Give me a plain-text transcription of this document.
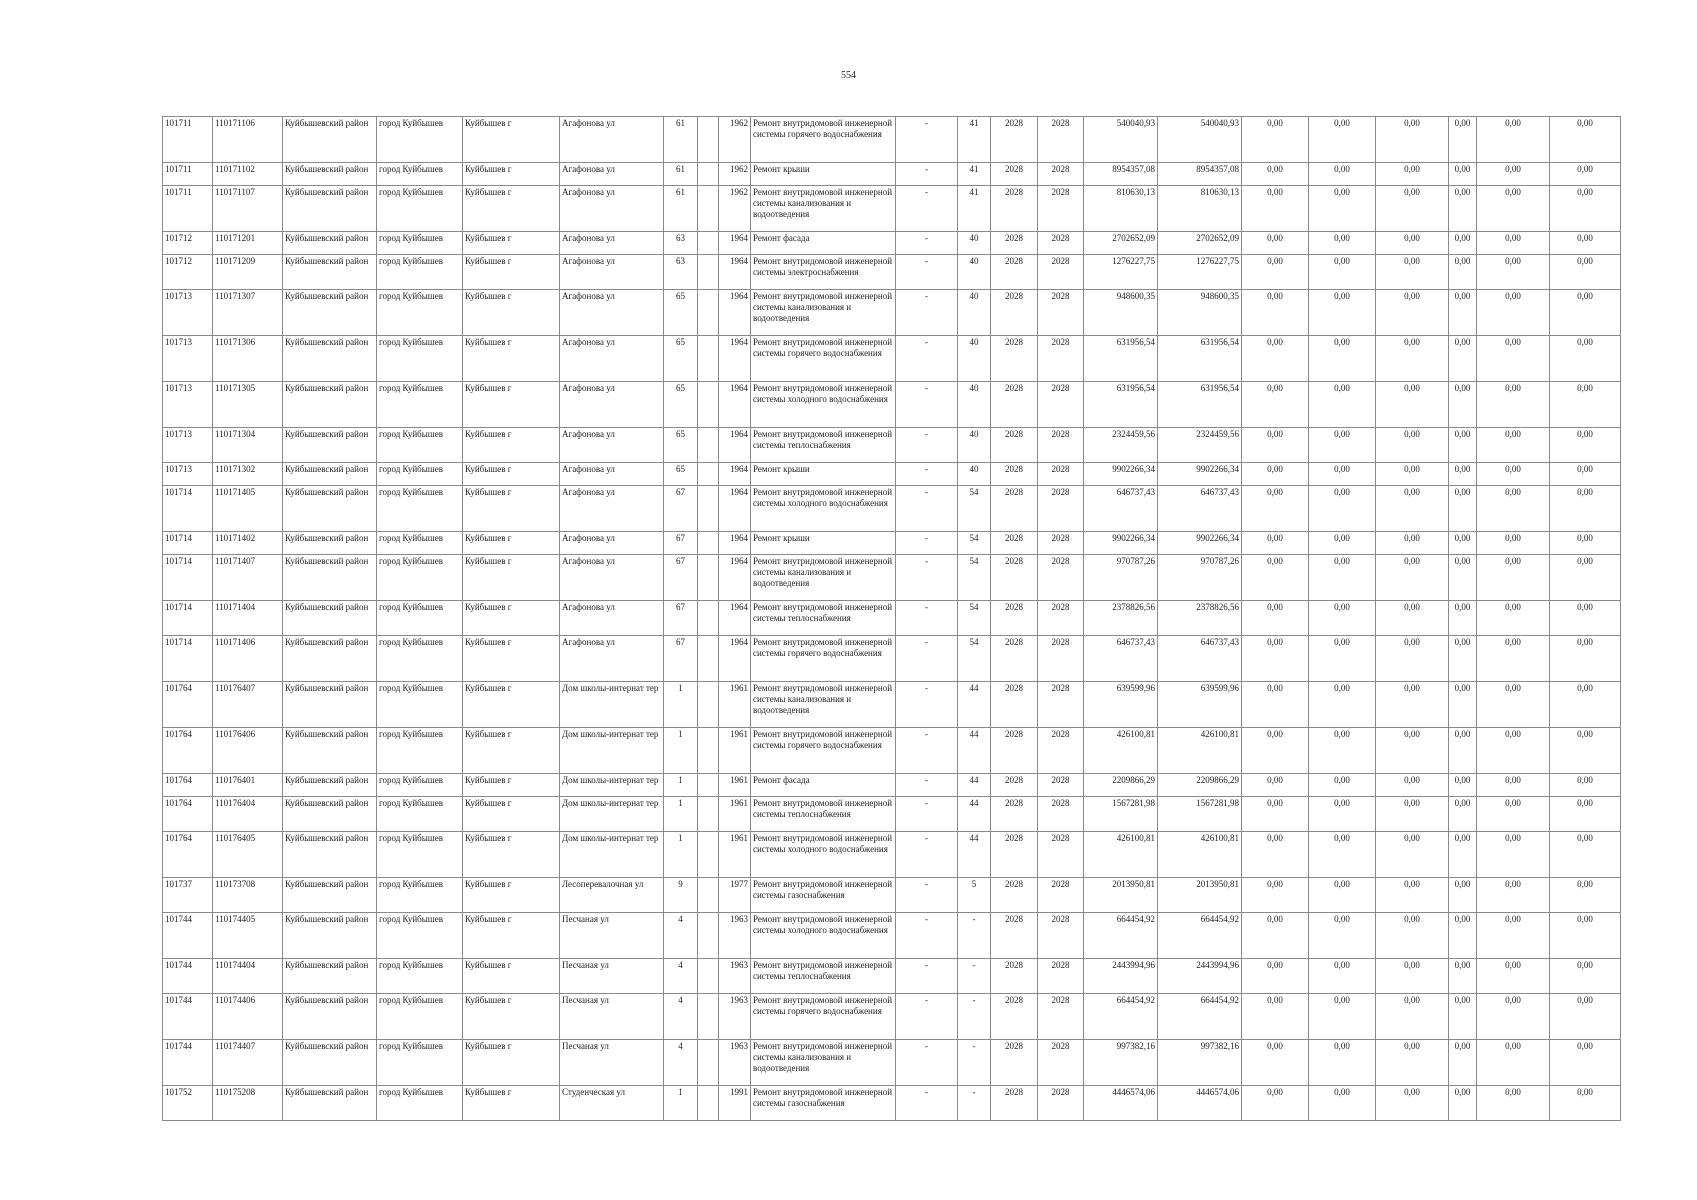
554
101711	110171106	Куйбышевский район	город Куйбышев	Куйбышев г	Агафонова ул	61		1962	Ремонт внутридомовой инженерной системы горячего водоснабжения	-	41	2028	2028	540040,93	540040,93	0,00	0,00	0,00	0,00	0,00	0,00
101711	110171102	Куйбышевский район	город Куйбышев	Куйбышев г	Агафонова ул	61		1962	Ремонт крыши	-	41	2028	2028	8954357,08	8954357,08	0,00	0,00	0,00	0,00	0,00	0,00
101711	110171107	Куйбышевский район	город Куйбышев	Куйбышев г	Агафонова ул	61		1962	Ремонт внутридомовой инженерной системы канализования и водоотведения	-	41	2028	2028	810630,13	810630,13	0,00	0,00	0,00	0,00	0,00	0,00
101712	110171201	Куйбышевский район	город Куйбышев	Куйбышев г	Агафонова ул	63		1964	Ремонт фасада	-	40	2028	2028	2702652,09	2702652,09	0,00	0,00	0,00	0,00	0,00	0,00
101712	110171209	Куйбышевский район	город Куйбышев	Куйбышев г	Агафонова ул	63		1964	Ремонт внутридомовой инженерной системы электроснабжения	-	40	2028	2028	1276227,75	1276227,75	0,00	0,00	0,00	0,00	0,00	0,00
101713	110171307	Куйбышевский район	город Куйбышев	Куйбышев г	Агафонова ул	65		1964	Ремонт внутридомовой инженерной системы канализования и водоотведения	-	40	2028	2028	948600,35	948600,35	0,00	0,00	0,00	0,00	0,00	0,00
101713	110171306	Куйбышевский район	город Куйбышев	Куйбышев г	Агафонова ул	65		1964	Ремонт внутридомовой инженерной системы горячего водоснабжения	-	40	2028	2028	631956,54	631956,54	0,00	0,00	0,00	0,00	0,00	0,00
101713	110171305	Куйбышевский район	город Куйбышев	Куйбышев г	Агафонова ул	65		1964	Ремонт внутридомовой инженерной системы холодного водоснабжения	-	40	2028	2028	631956,54	631956,54	0,00	0,00	0,00	0,00	0,00	0,00
101713	110171304	Куйбышевский район	город Куйбышев	Куйбышев г	Агафонова ул	65		1964	Ремонт внутридомовой инженерной системы теплоснабжения	-	40	2028	2028	2324459,56	2324459,56	0,00	0,00	0,00	0,00	0,00	0,00
101713	110171302	Куйбышевский район	город Куйбышев	Куйбышев г	Агафонова ул	65		1964	Ремонт крыши	-	40	2028	2028	9902266,34	9902266,34	0,00	0,00	0,00	0,00	0,00	0,00
101714	110171405	Куйбышевский район	город Куйбышев	Куйбышев г	Агафонова ул	67		1964	Ремонт внутридомовой инженерной системы холодного водоснабжения	-	54	2028	2028	646737,43	646737,43	0,00	0,00	0,00	0,00	0,00	0,00
101714	110171402	Куйбышевский район	город Куйбышев	Куйбышев г	Агафонова ул	67		1964	Ремонт крыши	-	54	2028	2028	9902266,34	9902266,34	0,00	0,00	0,00	0,00	0,00	0,00
101714	110171407	Куйбышевский район	город Куйбышев	Куйбышев г	Агафонова ул	67		1964	Ремонт внутридомовой инженерной системы канализования и водоотведения	-	54	2028	2028	970787,26	970787,26	0,00	0,00	0,00	0,00	0,00	0,00
101714	110171404	Куйбышевский район	город Куйбышев	Куйбышев г	Агафонова ул	67		1964	Ремонт внутридомовой инженерной системы теплоснабжения	-	54	2028	2028	2378826,56	2378826,56	0,00	0,00	0,00	0,00	0,00	0,00
101714	110171406	Куйбышевский район	город Куйбышев	Куйбышев г	Агафонова ул	67		1964	Ремонт внутридомовой инженерной системы горячего водоснабжения	-	54	2028	2028	646737,43	646737,43	0,00	0,00	0,00	0,00	0,00	0,00
101764	110176407	Куйбышевский район	город Куйбышев	Куйбышев г	Дом школы-интернат тер	1		1961	Ремонт внутридомовой инженерной системы канализования и водоотведения	-	44	2028	2028	639599,96	639599,96	0,00	0,00	0,00	0,00	0,00	0,00
101764	110176406	Куйбышевский район	город Куйбышев	Куйбышев г	Дом школы-интернат тер	1		1961	Ремонт внутридомовой инженерной системы горячего водоснабжения	-	44	2028	2028	426100,81	426100,81	0,00	0,00	0,00	0,00	0,00	0,00
101764	110176401	Куйбышевский район	город Куйбышев	Куйбышев г	Дом школы-интернат тер	1		1961	Ремонт фасада	-	44	2028	2028	2209866,29	2209866,29	0,00	0,00	0,00	0,00	0,00	0,00
101764	110176404	Куйбышевский район	город Куйбышев	Куйбышев г	Дом школы-интернат тер	1		1961	Ремонт внутридомовой инженерной системы теплоснабжения	-	44	2028	2028	1567281,98	1567281,98	0,00	0,00	0,00	0,00	0,00	0,00
101764	110176405	Куйбышевский район	город Куйбышев	Куйбышев г	Дом школы-интернат тер	1		1961	Ремонт внутридомовой инженерной системы холодного водоснабжения	-	44	2028	2028	426100,81	426100,81	0,00	0,00	0,00	0,00	0,00	0,00
101737	110173708	Куйбышевский район	город Куйбышев	Куйбышев г	Лесоперевалочная ул	9		1977	Ремонт внутридомовой инженерной системы газоснабжения	-	5	2028	2028	2013950,81	2013950,81	0,00	0,00	0,00	0,00	0,00	0,00
101744	110174405	Куйбышевский район	город Куйбышев	Куйбышев г	Песчаная ул	4		1963	Ремонт внутридомовой инженерной системы холодного водоснабжения	-	-	2028	2028	664454,92	664454,92	0,00	0,00	0,00	0,00	0,00	0,00
101744	110174404	Куйбышевский район	город Куйбышев	Куйбышев г	Песчаная ул	4		1963	Ремонт внутридомовой инженерной системы теплоснабжения	-	-	2028	2028	2443994,96	2443994,96	0,00	0,00	0,00	0,00	0,00	0,00
101744	110174406	Куйбышевский район	город Куйбышев	Куйбышев г	Песчаная ул	4		1963	Ремонт внутридомовой инженерной системы горячего водоснабжения	-	-	2028	2028	664454,92	664454,92	0,00	0,00	0,00	0,00	0,00	0,00
101744	110174407	Куйбышевский район	город Куйбышев	Куйбышев г	Песчаная ул	4		1963	Ремонт внутридомовой инженерной системы канализования и водоотведения	-	-	2028	2028	997382,16	997382,16	0,00	0,00	0,00	0,00	0,00	0,00
101752	110175208	Куйбышевский район	город Куйбышев	Куйбышев г	Студенческая ул	1		1991	Ремонт внутридомовой инженерной системы газоснабжения	-	-	2028	2028	4446574,06	4446574,06	0,00	0,00	0,00	0,00	0,00	0,00
